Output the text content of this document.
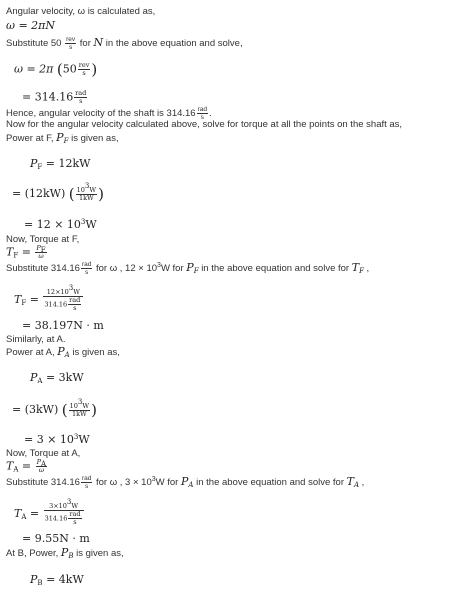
Angular velocity, ω is calculated as,
ω = 2πN
Substitute $50 \frac{\text{rev}}{s}$ for N in the above equation and solve,
ω = 2π ($50 \frac{\text{rev}}{s}$ )
= $314.16 \frac{\text{rad}}{s}$
Hence, angular velocity of the shaft is $314.16 \frac{\text{rad}}{s}$ .
Now for the angular velocity calculated above, solve for torque at all the points on the shaft as,
Power at F, $P_F$ is given as,
$P_F = 12kW$
= (12kW) ( $\frac{10^3W}{1kW}$ )
= $12 \times 10^3W$
Now, Torque at F,
$T_F = \frac{P_F}{\omega}$
Substitute $314.16 \frac{\text{rad}}{s}$ for ω , $12 \times 10^3W$ for $P_F$ in the above equation and solve for $T_F$ ,
$T_F = \frac{12\times 10^3W}{314.16 \frac{\text{rad}}{s}}$
= 38.197N · m
Similarly, at A.
Power at A, $P_A$ is given as,
$P_A = 3kW$
= (3kW) ( $\frac{10^3W}{1kW}$ )
= $3 \times 10^3W$
Now, Torque at A,
$T_A = \frac{P_A}{\omega}$
Substitute $314.16 \frac{\text{rad}}{s}$ for ω , $3 \times 10^3W$ for $P_A$ in the above equation and solve for $T_A$ ,
$T_A = \frac{3\times 10^3W}{314.16 \frac{\text{rad}}{s}}$
= 9.55N · m
At B, Power, $P_B$ is given as,
$P_B = 4kW$
